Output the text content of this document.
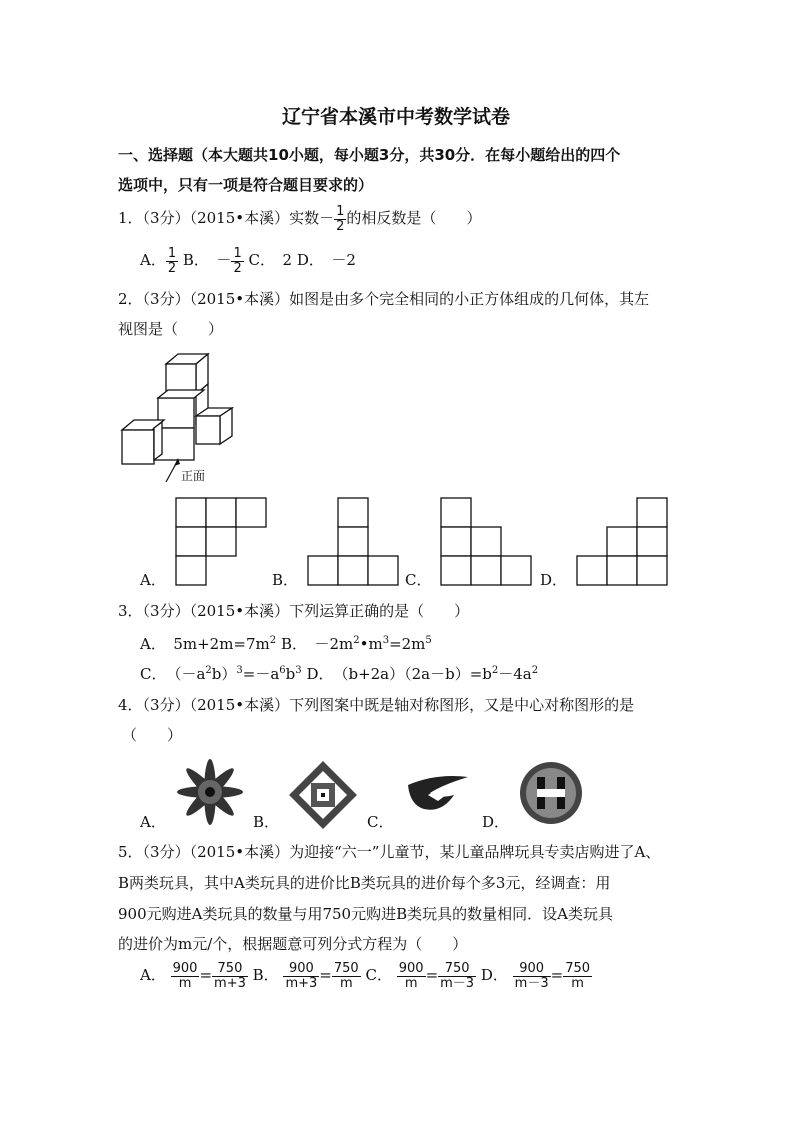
辽宁省本溪市中考数学试卷
一、选择题（本大题共10小题，每小题3分，共30分．在每小题给出的四个
选项中，只有一项是符合题目要求的）
1．（3分）（2015•本溪）实数－ $\frac{1}{2}$ 的相反数是（　　）
A． $\frac{1}{2}$ B．　－ $\frac{1}{2}$ C．　2 D．　－2
2．（3分）（2015•本溪）如图是由多个完全相同的小正方体组成的几何体，其左
视图是（　　）
正面
A．	B．	C．	D．
3．（3分）（2015•本溪）下列运算正确的是（　　）
A．　$5m+2m=7m^2$ B．　$-2m^2•m^3=2m^5$
C．　$(-a^2b)^3=-a^6b^3$ D．　$(b+2a)(2a-b)=b^2-4a^2$
4．（3分）（2015•本溪）下列图案中既是轴对称图形，又是中心对称图形的是
（　　）
A．	B．	C．	D．
5．（3分）（2015•本溪）为迎接“六一”儿童节，某儿童品牌玩具专卖店购进了A、
B两类玩具，其中A类玩具的进价比B类玩具的进价每个多3元，经调查：用
900元购进A类玩具的数量与用750元购进B类玩具的数量相同．设A类玩具
的进价为m元/个，根据题意可列分式方程为（　　）
A． $\frac{900}{m} = \frac{750}{m+3}$ B． $\frac{900}{m+3} = \frac{750}{m}$ C． $\frac{900}{m} = \frac{750}{m-3}$ D． $\frac{900}{m-3} = \frac{750}{m}$
